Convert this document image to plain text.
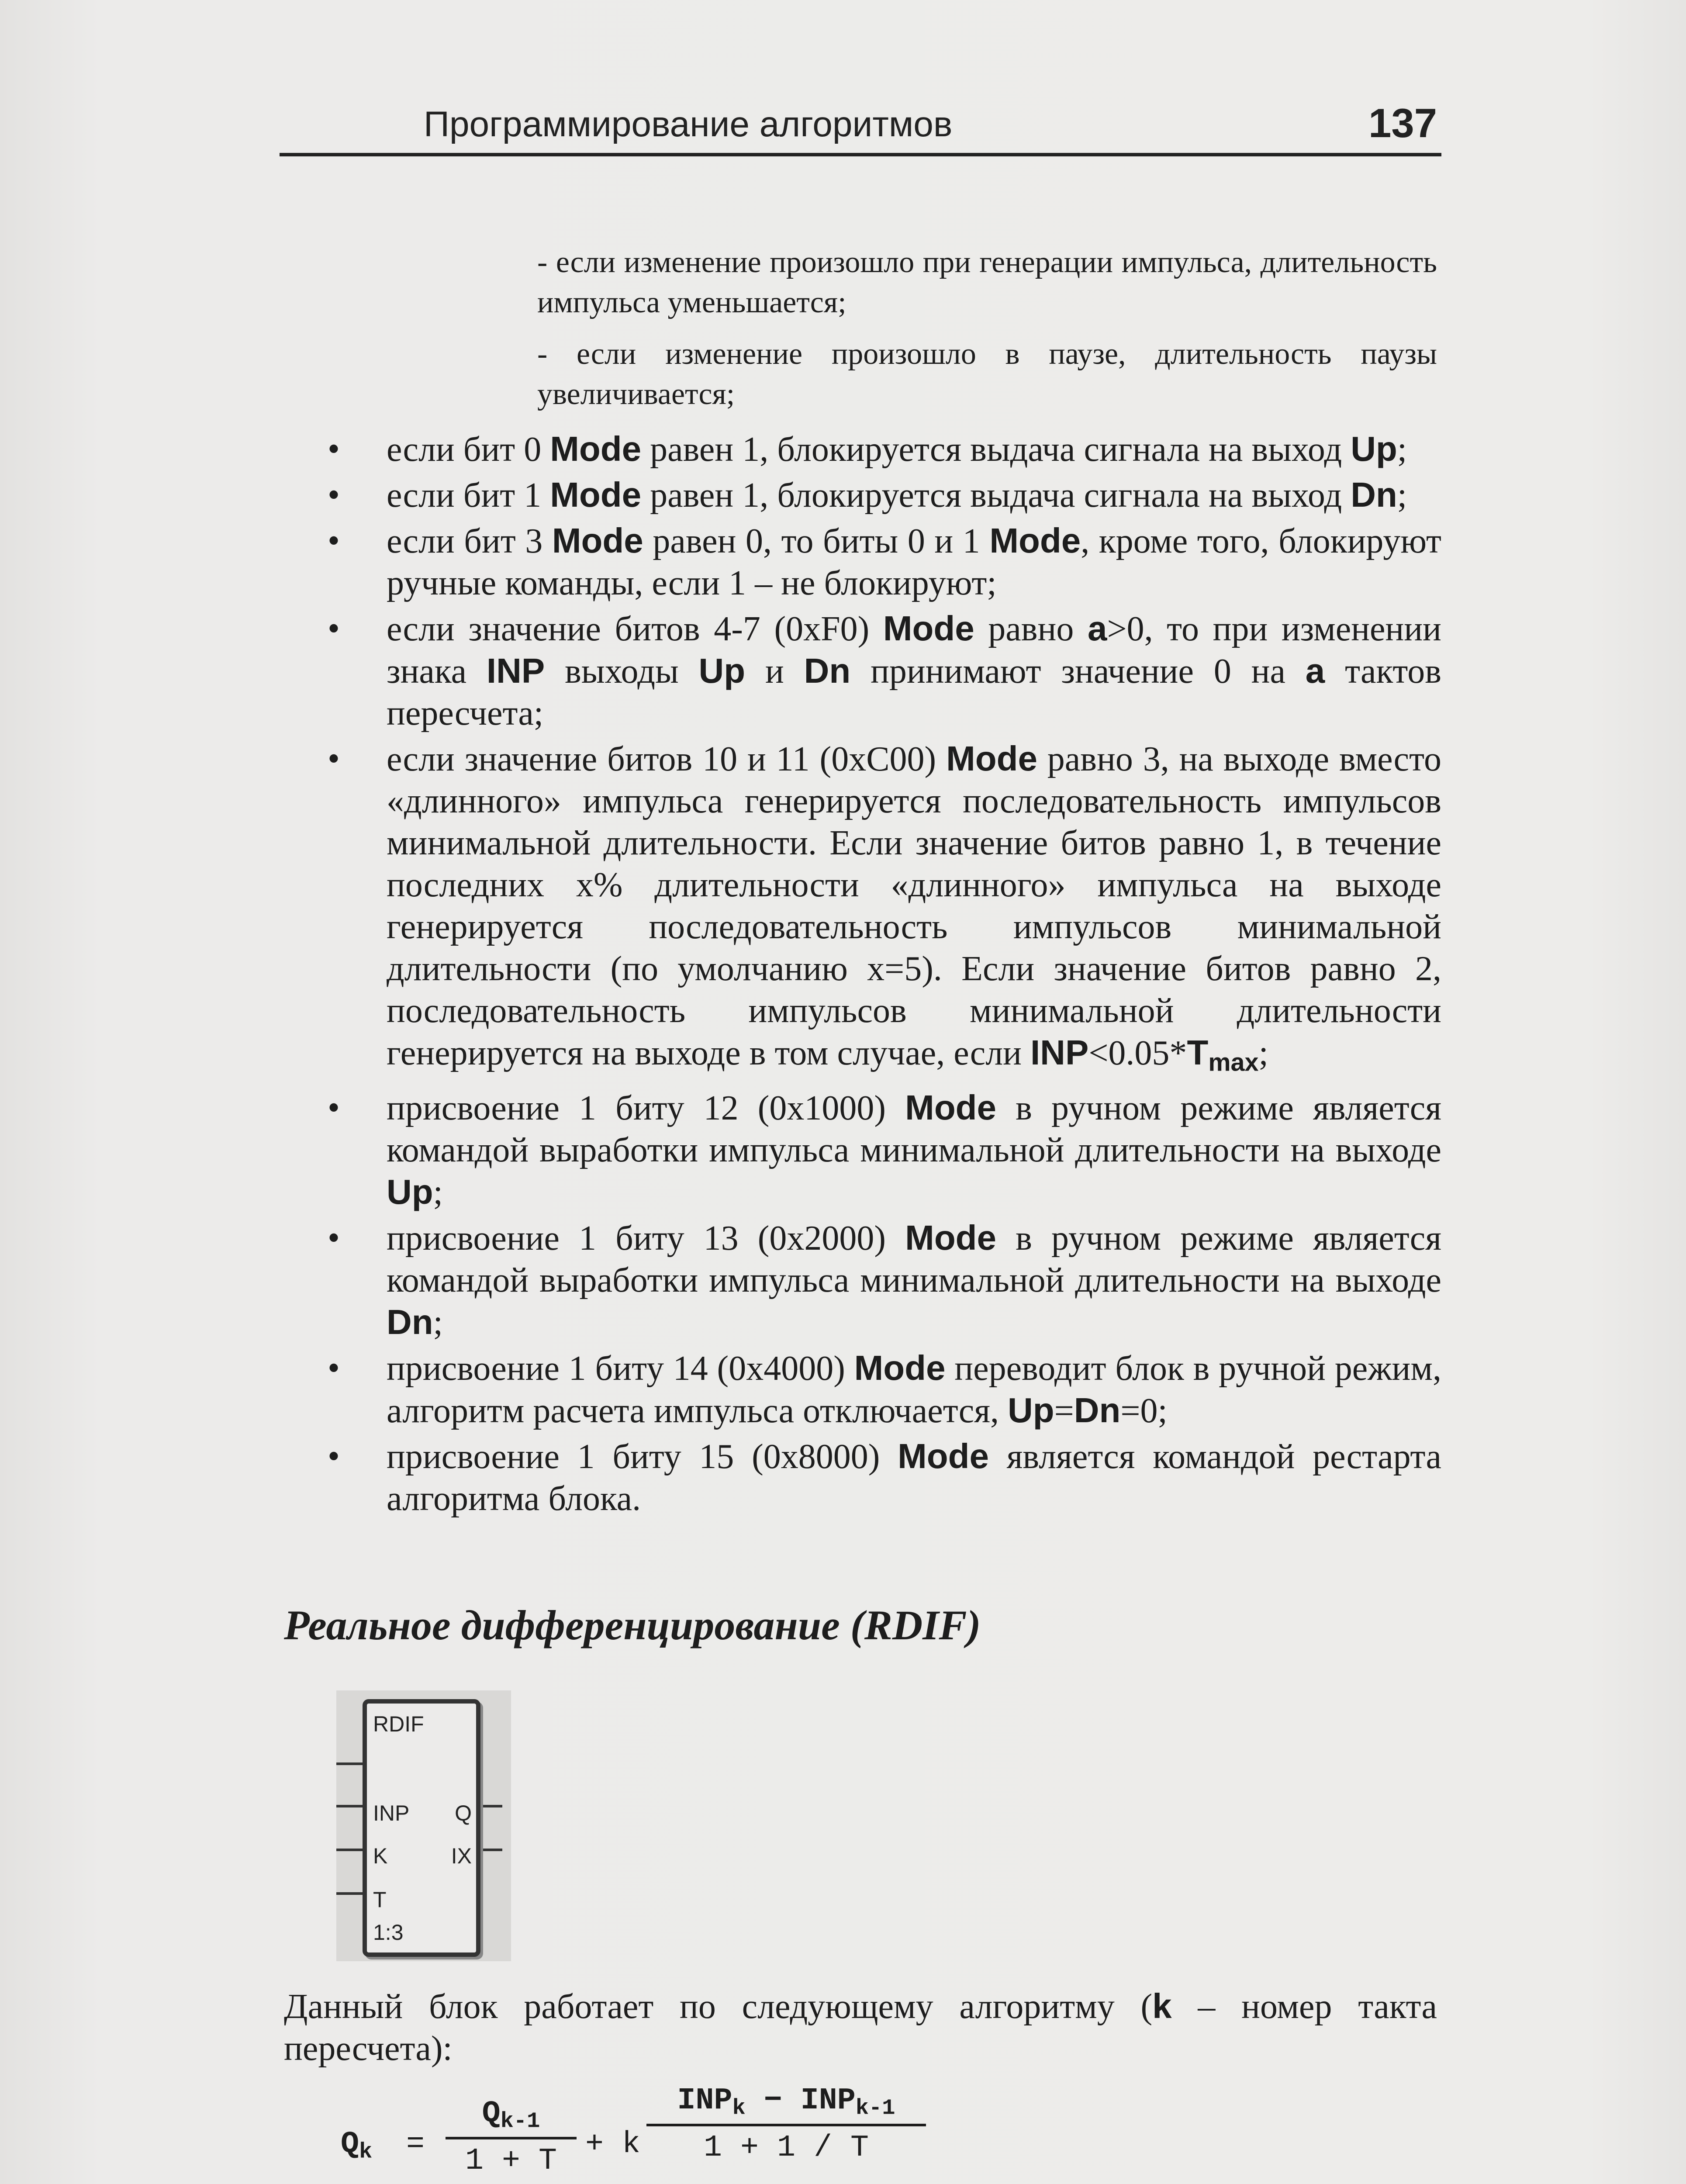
Программирование алгоритмов	137
- если изменение произошло при генерации импульса, длительность импульса уменьшается;
- если изменение произошло в паузе, длительность паузы увеличивается;
• если бит 0 Mode равен 1, блокируется выдача сигнала на выход Up;
• если бит 1 Mode равен 1, блокируется выдача сигнала на выход Dn;
• если бит 3 Mode равен 0, то биты 0 и 1 Mode, кроме того, блокируют ручные команды, если 1 – не блокируют;
• если значение битов 4-7 (0xF0) Mode равно a>0, то при изменении знака INP выходы Up и Dn принимают значение 0 на a тактов пересчета;
• если значение битов 10 и 11 (0xC00) Mode равно 3, на выходе вместо «длинного» импульса генерируется последовательность импульсов минимальной длительности. Если значение битов равно 1, в течение последних x% длительности «длинного» импульса на выходе генерируется последовательность импульсов минимальной длительности (по умолчанию x=5). Если значение битов равно 2, последовательность импульсов минимальной длительности генерируется на выходе в том случае, если $INP<0.05*T_{max}$;
• присвоение 1 биту 12 (0x1000) Mode в ручном режиме является командой выработки импульса минимальной длительности на выходе Up;
• присвоение 1 биту 13 (0x2000) Mode в ручном режиме является командой выработки импульса минимальной длительности на выходе Dn;
• присвоение 1 биту 14 (0x4000) Mode переводит блок в ручной режим, алгоритм расчета импульса отключается, Up=Dn=0;
• присвоение 1 биту 15 (0x8000) Mode является командой рестарта алгоритма блока.
Реальное дифференцирование (RDIF)
RDIF
INP
K
T
Q
IX
1:3
Данный блок работает по следующему алгоритму (k – номер такта пересчета):
$Q_k$ =
$Q_{k-1}$
1 + T + k
$INP_k - INP_{k-1}$
1 + 1 / T
